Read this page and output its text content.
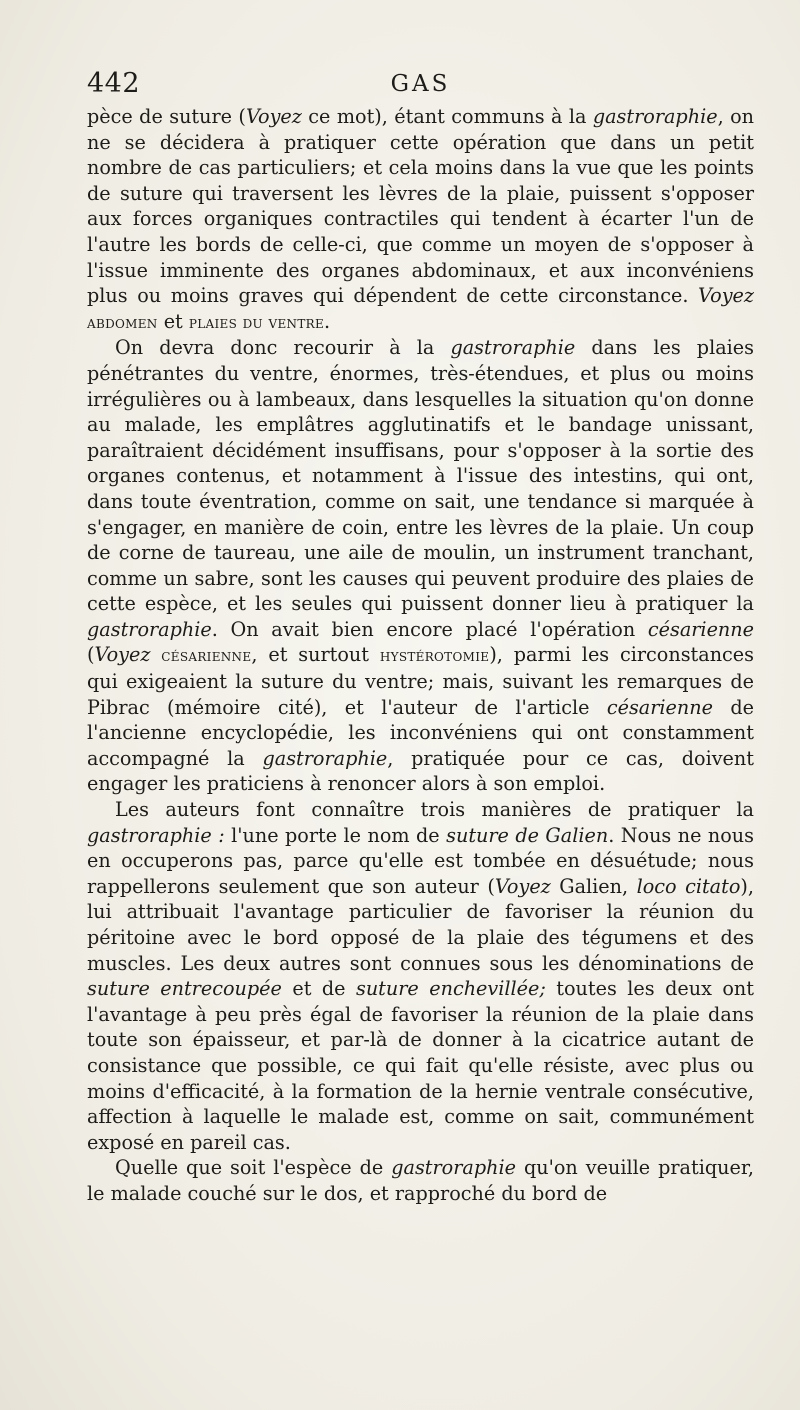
442	GAS

pèce de suture (Voyez ce mot), étant communs à la gastroraphie, on ne se décidera à pratiquer cette opération que dans un petit nombre de cas particuliers; et cela moins dans la vue que les points de suture qui traversent les lèvres de la plaie, puissent s'opposer aux forces organiques contractiles qui tendent à écarter l'un de l'autre les bords de celle-ci, que comme un moyen de s'opposer à l'issue imminente des organes abdominaux, et aux inconvéniens plus ou moins graves qui dépendent de cette circonstance. Voyez abdomen et plaies du ventre.

On devra donc recourir à la gastroraphie dans les plaies pénétrantes du ventre, énormes, très-étendues, et plus ou moins irrégulières ou à lambeaux, dans lesquelles la situation qu'on donne au malade, les emplâtres agglutinatifs et le bandage unissant, paraîtraient décidément insuffisans, pour s'opposer à la sortie des organes contenus, et notamment à l'issue des intestins, qui ont, dans toute éventration, comme on sait, une tendance si marquée à s'engager, en manière de coin, entre les lèvres de la plaie. Un coup de corne de taureau, une aile de moulin, un instrument tranchant, comme un sabre, sont les causes qui peuvent produire des plaies de cette espèce, et les seules qui puissent donner lieu à pratiquer la gastroraphie. On avait bien encore placé l'opération césarienne (Voyez césarienne, et surtout hystérotomie), parmi les circonstances qui exigeaient la suture du ventre; mais, suivant les remarques de Pibrac (mémoire cité), et l'auteur de l'article césarienne de l'ancienne encyclopédie, les inconvéniens qui ont constamment accompagné la gastroraphie, pratiquée pour ce cas, doivent engager les praticiens à renoncer alors à son emploi.

Les auteurs font connaître trois manières de pratiquer la gastroraphie : l'une porte le nom de suture de Galien. Nous ne nous en occuperons pas, parce qu'elle est tombée en désuétude; nous rappellerons seulement que son auteur (Voyez Galien, loco citato), lui attribuait l'avantage particulier de favoriser la réunion du péritoine avec le bord opposé de la plaie des tégumens et des muscles. Les deux autres sont connues sous les dénominations de suture entrecoupée et de suture enchevillée; toutes les deux ont l'avantage à peu près égal de favoriser la réunion de la plaie dans toute son épaisseur, et par-là de donner à la cicatrice autant de consistance que possible, ce qui fait qu'elle résiste, avec plus ou moins d'efficacité, à la formation de la hernie ventrale consécutive, affection à laquelle le malade est, comme on sait, communément exposé en pareil cas.

Quelle que soit l'espèce de gastroraphie qu'on veuille pratiquer, le malade couché sur le dos, et rapproché du bord de
